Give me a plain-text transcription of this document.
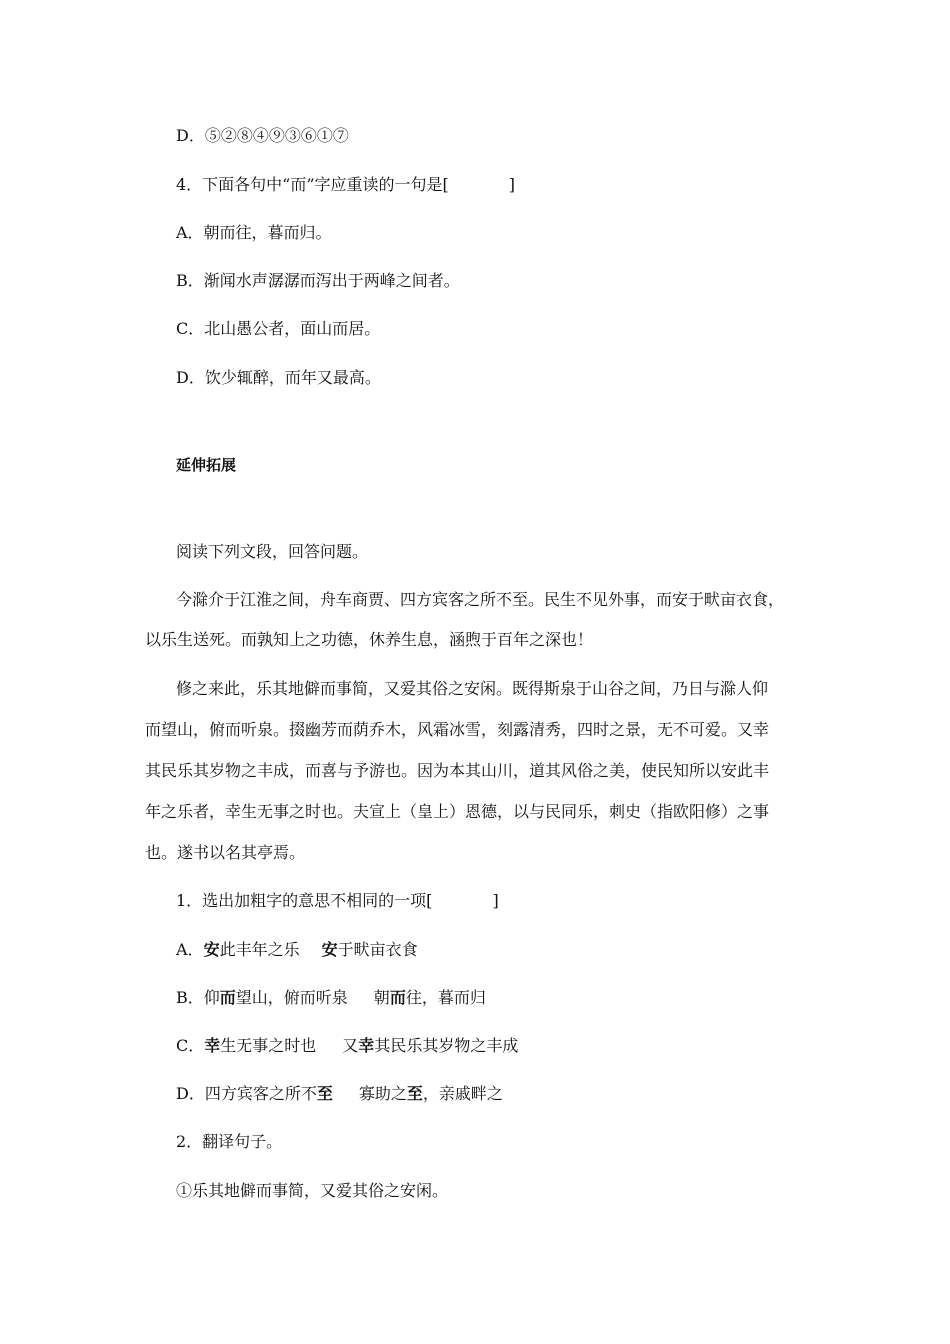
D．⑤②⑧④⑨③⑥①⑦
4．下面各句中“而”字应重读的一句是[	]
A．朝而往，暮而归。
B．渐闻水声潺潺而泻出于两峰之间者。
C．北山愚公者，面山而居。
D．饮少辄醉，而年又最高。
延伸拓展
阅读下列文段，回答问题。
今滁介于江淮之间，舟车商贾、四方宾客之所不至。民生不见外事，而安于畎亩衣食，
以乐生送死。而孰知上之功德，休养生息，涵煦于百年之深也！
修之来此，乐其地僻而事简，又爱其俗之安闲。既得斯泉于山谷之间，乃日与滁人仰
而望山，俯而听泉。掇幽芳而荫乔木，风霜冰雪，刻露清秀，四时之景，无不可爱。又幸
其民乐其岁物之丰成，而喜与予游也。因为本其山川，道其风俗之美，使民知所以安此丰
年之乐者，幸生无事之时也。夫宣上（皇上）恩德，以与民同乐，刺史（指欧阳修）之事
也。遂书以名其亭焉。
1．选出加粗字的意思不相同的一项[	]
A．安此丰年之乐 安于畎亩衣食
B．仰而望山，俯而听泉 朝而往，暮而归
C．幸生无事之时也 又幸其民乐其岁物之丰成
D．四方宾客之所不至 寡助之至，亲戚畔之
2．翻译句子。
①乐其地僻而事简，又爱其俗之安闲。
